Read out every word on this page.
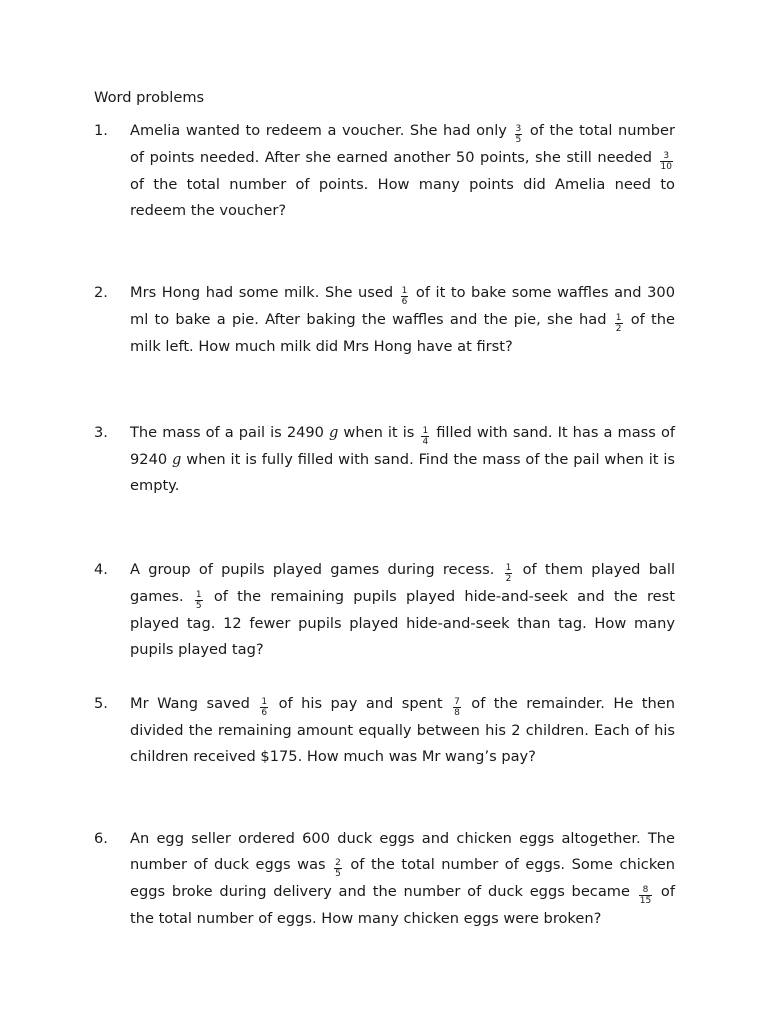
Word problems
1. Amelia wanted to redeem a voucher. She had only $\frac{3}{5}$ of the total number of points needed. After she earned another 50 points, she still needed $\frac{3}{10}$
of the total number of points. How many points did Amelia need to redeem the voucher?
2. Mrs Hong had some milk. She used $\frac{1}{6}$ of it to bake some waffles and 300 ml to bake a pie. After baking the waffles and the pie, she had $\frac{1}{2}$ of the milk left. How much milk did Mrs Hong have at first?
3. The mass of a pail is 2490 g when it is $\frac{1}{4}$ filled with sand. It has a mass of 9240 g when it is fully filled with sand. Find the mass of the pail when it is empty.
4. A group of pupils played games during recess. $\frac{1}{2}$ of them played ball games. $\frac{1}{5}$ of the remaining pupils played hide-and-seek and the rest played tag. 12 fewer pupils played hide-and-seek than tag. How many pupils played tag?
5. Mr Wang saved $\frac{1}{6}$ of his pay and spent $\frac{7}{8}$ of the remainder. He then divided the remaining amount equally between his 2 children. Each of his children received $175. How much was Mr wang’s pay?
6. An egg seller ordered 600 duck eggs and chicken eggs altogether. The number of duck eggs was $\frac{2}{5}$ of the total number of eggs. Some chicken eggs broke during delivery and the number of duck eggs became $\frac{8}{15}$ of the total number of eggs. How many chicken eggs were broken?
